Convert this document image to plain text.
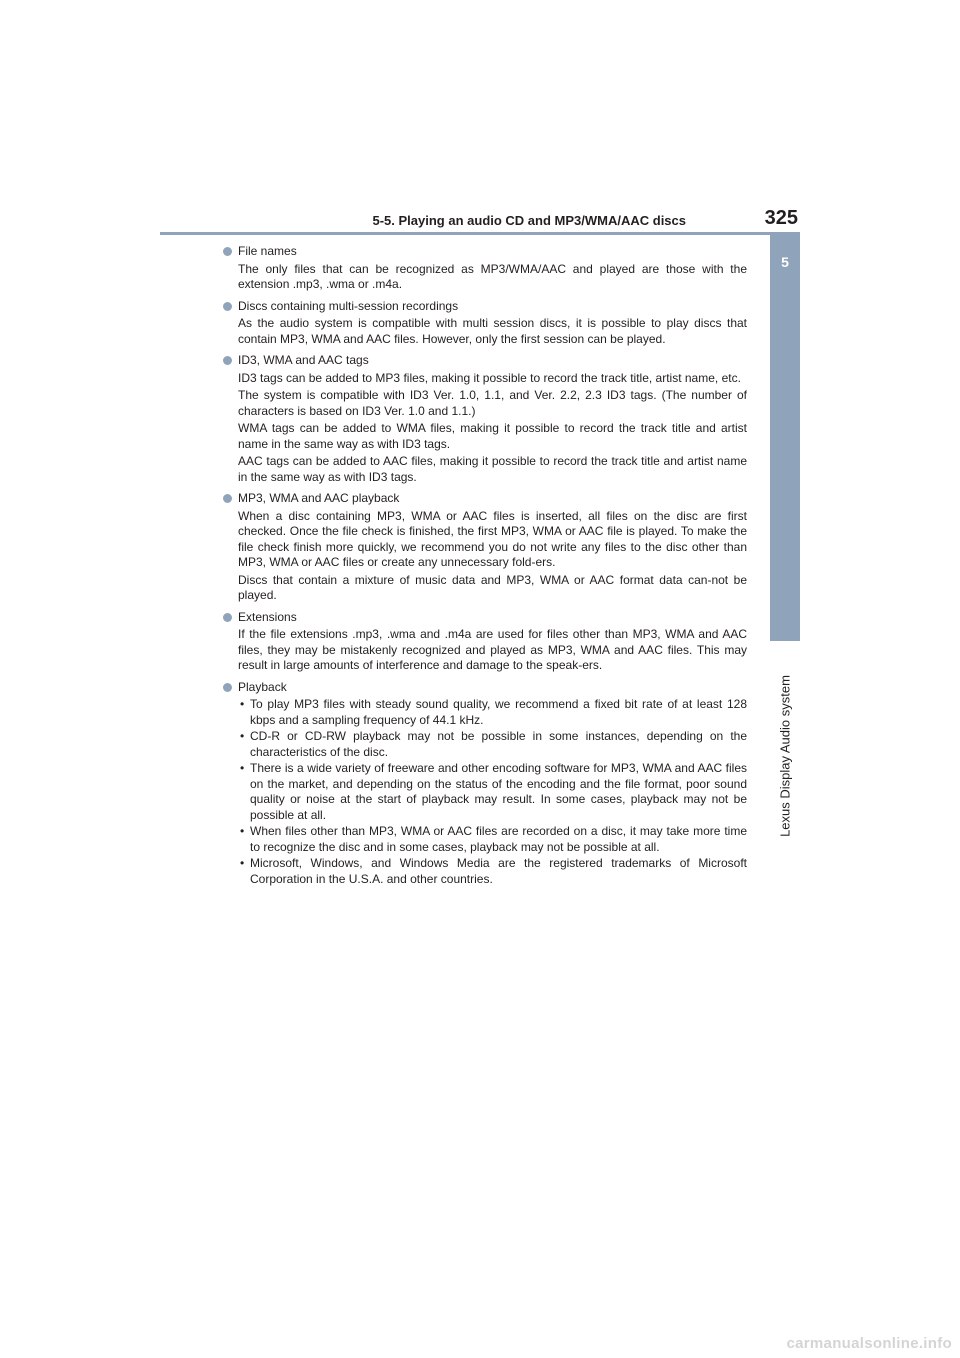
5-5. Playing an audio CD and MP3/WMA/AAC discs	325
5
Lexus Display Audio system
File names
The only files that can be recognized as MP3/WMA/AAC and played are those with the extension .mp3, .wma or .m4a.
Discs containing multi-session recordings
As the audio system is compatible with multi session discs, it is possible to play discs that contain MP3, WMA and AAC files. However, only the first session can be played.
ID3, WMA and AAC tags
ID3 tags can be added to MP3 files, making it possible to record the track title, artist name, etc.
The system is compatible with ID3 Ver. 1.0, 1.1, and Ver. 2.2, 2.3 ID3 tags. (The number of characters is based on ID3 Ver. 1.0 and 1.1.)
WMA tags can be added to WMA files, making it possible to record the track title and artist name in the same way as with ID3 tags.
AAC tags can be added to AAC files, making it possible to record the track title and artist name in the same way as with ID3 tags.
MP3, WMA and AAC playback
When a disc containing MP3, WMA or AAC files is inserted, all files on the disc are first checked. Once the file check is finished, the first MP3, WMA or AAC file is played. To make the file check finish more quickly, we recommend you do not write any files to the disc other than MP3, WMA or AAC files or create any unnecessary fold-ers.
Discs that contain a mixture of music data and MP3, WMA or AAC format data can-not be played.
Extensions
If the file extensions .mp3, .wma and .m4a are used for files other than MP3, WMA and AAC files, they may be mistakenly recognized and played as MP3, WMA and AAC files. This may result in large amounts of interference and damage to the speak-ers.
Playback
• To play MP3 files with steady sound quality, we recommend a fixed bit rate of at least 128 kbps and a sampling frequency of 44.1 kHz.
• CD-R or CD-RW playback may not be possible in some instances, depending on the characteristics of the disc.
• There is a wide variety of freeware and other encoding software for MP3, WMA and AAC files on the market, and depending on the status of the encoding and the file format, poor sound quality or noise at the start of playback may result. In some cases, playback may not be possible at all.
• When files other than MP3, WMA or AAC files are recorded on a disc, it may take more time to recognize the disc and in some cases, playback may not be possible at all.
• Microsoft, Windows, and Windows Media are the registered trademarks of Microsoft Corporation in the U.S.A. and other countries.
carmanualsonline.info
